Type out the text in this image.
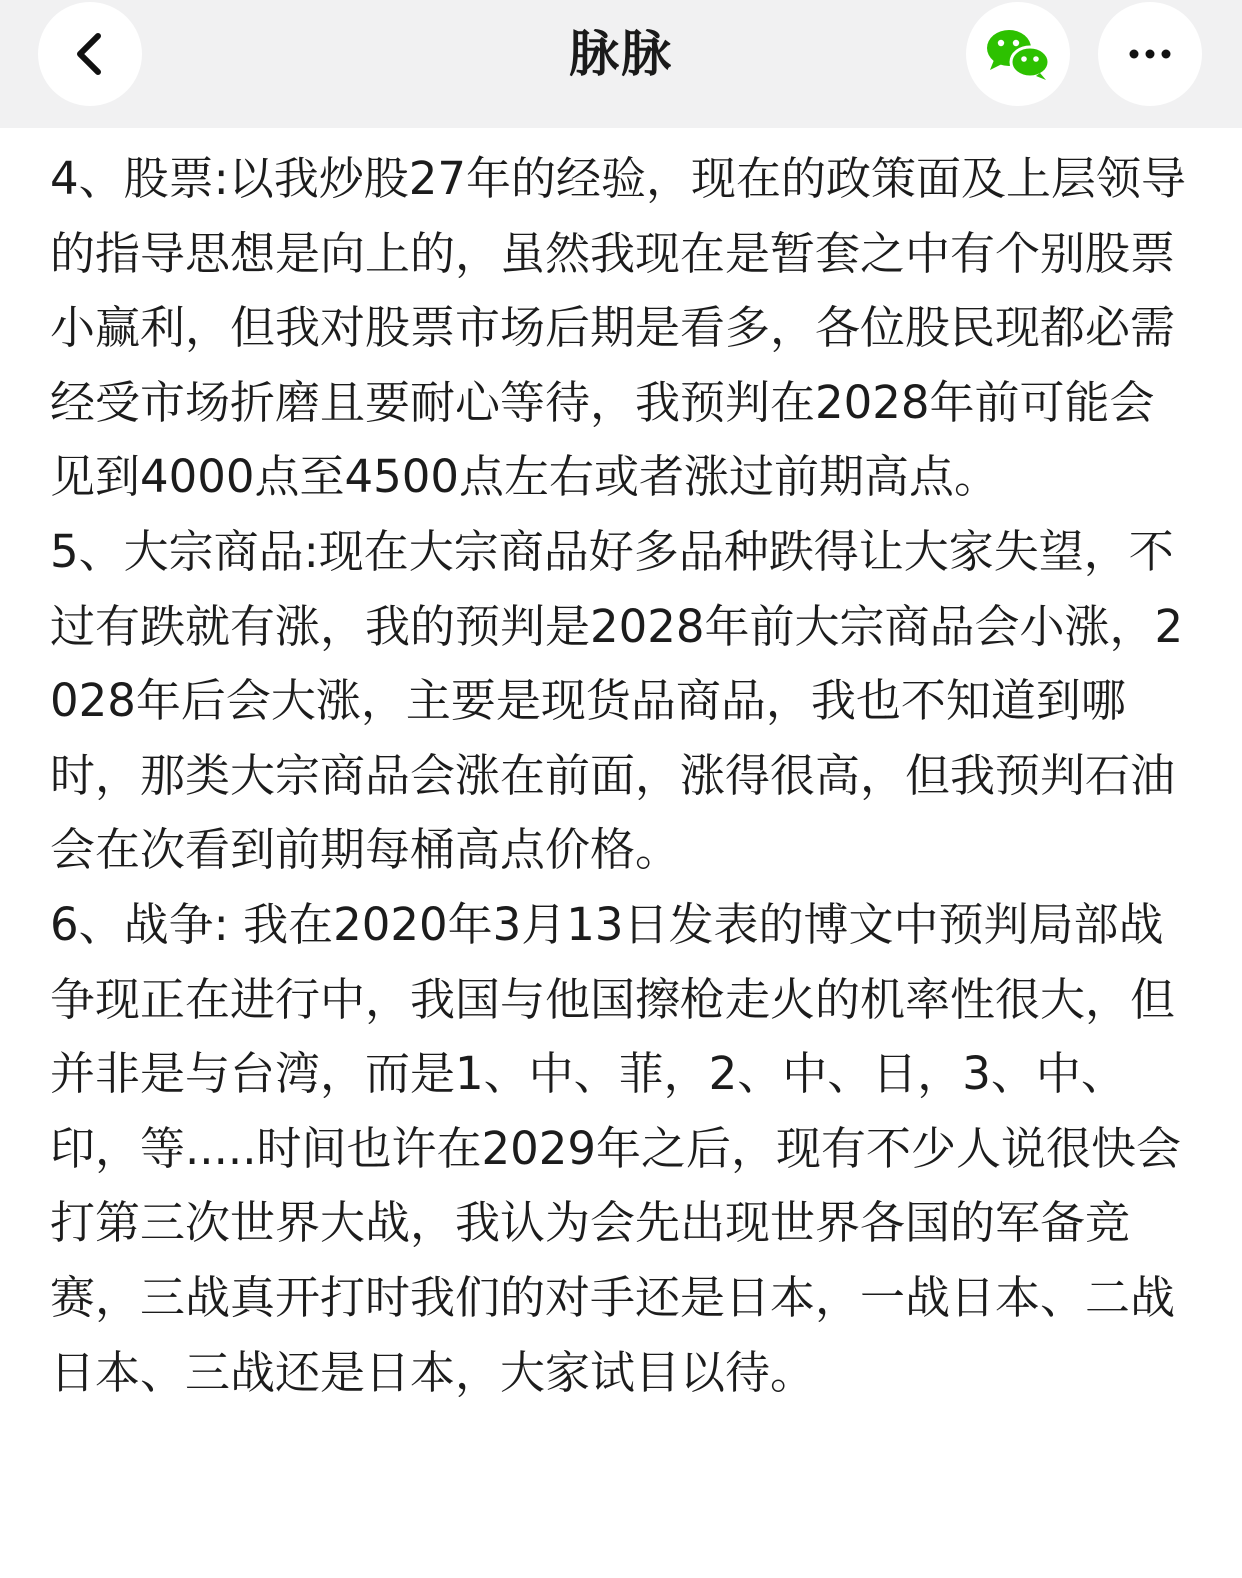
脉脉

4、股票:以我炒股27年的经验，现在的政策面及上层领导的指导思想是向上的，虽然我现在是暂套之中有个别股票小赢利，但我对股票市场后期是看多，各位股民现都必需经受市场折磨且要耐心等待，我预判在2028年前可能会见到4000点至4500点左右或者涨过前期高点。

5、大宗商品:现在大宗商品好多品种跌得让大家失望，不过有跌就有涨，我的预判是2028年前大宗商品会小涨，2028年后会大涨，主要是现货品商品，我也不知道到哪时，那类大宗商品会涨在前面，涨得很高，但我预判石油会在次看到前期每桶高点价格。

6、战争: 我在2020年3月13日发表的博文中预判局部战争现正在进行中，我国与他国擦枪走火的机率性很大，但并非是与台湾，而是1、中、菲，2、中、日，3、中、印，等.....时间也许在2029年之后，现有不少人说很快会打第三次世界大战，我认为会先出现世界各国的军备竞赛，三战真开打时我们的对手还是日本，一战日本、二战日本、三战还是日本，大家试目以待。
